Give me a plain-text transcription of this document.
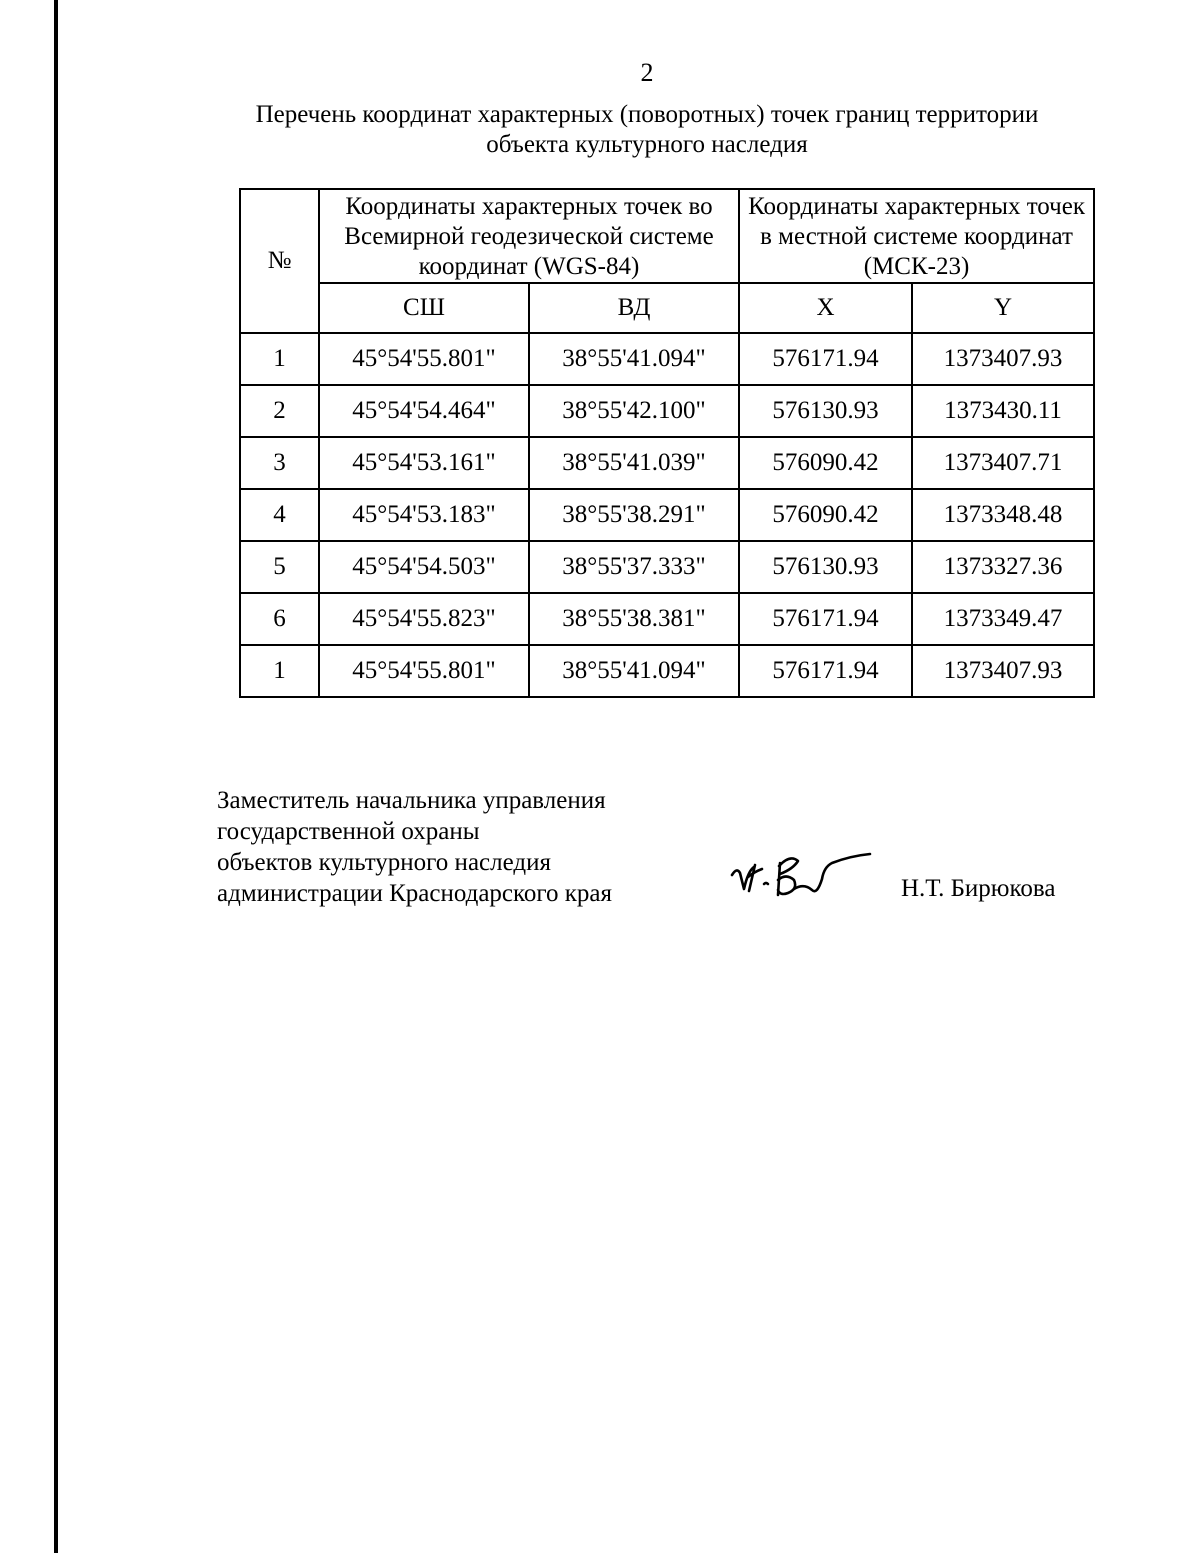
2
Перечень координат характерных (поворотных) точек границ территории
объекта культурного наследия
№	Координаты характерных точек во Всемирной геодезической системе координат (WGS-84)		Координаты характерных точек в местной системе координат (МСК-23)	
	СШ	ВД	X	Y
1	45°54'55.801"	38°55'41.094"	576171.94	1373407.93
2	45°54'54.464"	38°55'42.100"	576130.93	1373430.11
3	45°54'53.161"	38°55'41.039"	576090.42	1373407.71
4	45°54'53.183"	38°55'38.291"	576090.42	1373348.48
5	45°54'54.503"	38°55'37.333"	576130.93	1373327.36
6	45°54'55.823"	38°55'38.381"	576171.94	1373349.47
1	45°54'55.801"	38°55'41.094"	576171.94	1373407.93
Заместитель начальника управления
государственной охраны
объектов культурного наследия
администрации Краснодарского края	Н.Т. Бирюкова
